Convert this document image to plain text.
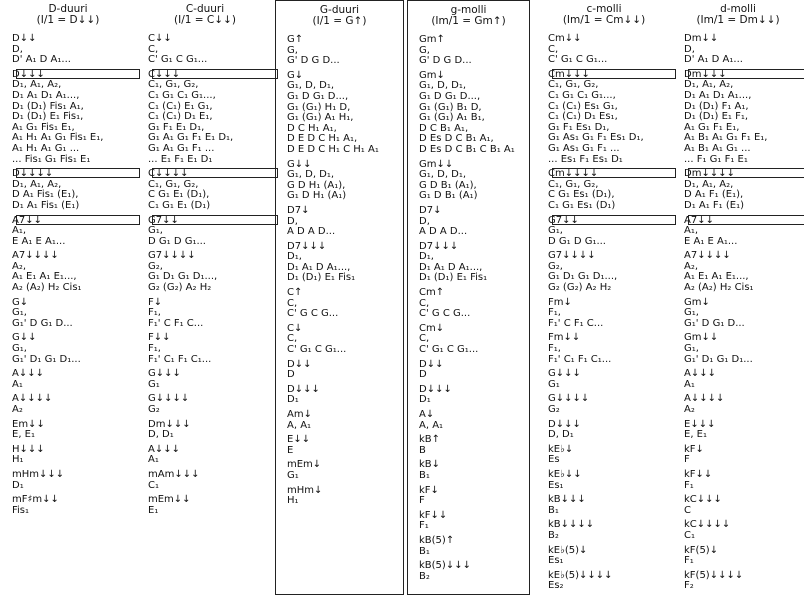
D-duuri
(I/1 = D↓↓)
D↓↓
D,
D' A₁ D A₁...
D↓↓↓
D₁, A₁, A₂,
D₁ A₁ D₁ A₁...,
D₁ (D₁) Fis₁ A₁,
D₁ (D₁) E₁ Fis₁,
A₁ G₁ Fis₁ E₁,
A₁ H₁ A₁ G₁ Fis₁ E₁,
A₁ H₁ A₁ G₁ ...
... Fis₁ G₁ Fis₁ E₁
D↓↓↓↓
D₁, A₁, A₂,
D A₁ Fis₁ (E₁),
D₁ A₁ Fis₁ (E₁)
A7↓↓
A₁,
E A₁ E A₁...
A7↓↓↓↓
A₂,
A₁ E₁ A₁ E₁...,
A₂ (A₂) H₂ Cis₁
G↓
G₁,
G₁' D G₁ D...
G↓↓
G₁,
G₁' D₁ G₁ D₁...
A↓↓↓
A₁
A↓↓↓↓
A₂
Em↓↓
E, E₁
H↓↓↓
H₁
mHm↓↓↓
D₁
mF♯m↓↓
Fis₁
C-duuri
(I/1 = C↓↓)
C↓↓
C,
C' G₁ C G₁...
C↓↓↓
C₁, G₁, G₂,
C₁ G₁ C₁ G₁...,
C₁ (C₁) E₁ G₁,
C₁ (C₁) D₁ E₁,
G₁ F₁ E₁ D₁,
G₁ A₁ G₁ F₁ E₁ D₁,
G₁ A₁ G₁ F₁ ...
... E₁ F₁ E₁ D₁
C↓↓↓↓
C₁, G₁, G₂,
C G₁ E₁ (D₁),
C₁ G₁ E₁ (D₁)
G7↓↓
G₁,
D G₁ D G₁...
G7↓↓↓↓
G₂,
G₁ D₁ G₁ D₁...,
G₂ (G₂) A₂ H₂
F↓
F₁,
F₁' C F₁ C...
F↓↓
F₁,
F₁' C₁ F₁ C₁...
G↓↓↓
G₁
G↓↓↓↓
G₂
Dm↓↓↓
D, D₁
A↓↓↓
A₁
mAm↓↓↓
C₁
mEm↓↓
E₁
G-duuri
(I/1 = G↑)
G↑
G,
G' D G D...
G↓
G₁, D, D₁,
G₁ D G₁ D...,
G₁ (G₁) H₁ D,
G₁ (G₁) A₁ H₁,
D C H₁ A₁,
D E D C H₁ A₁,
D E D C H₁ C H₁ A₁
G↓↓
G₁, D, D₁,
G D H₁ (A₁),
G₁ D H₁ (A₁)
D7↓
D,
A D A D...
D7↓↓↓
D₁,
D₁ A₁ D A₁...,
D₁ (D₁) E₁ Fis₁
C↑
C,
C' G C G...
C↓
C,
C' G₁ C G₁...
D↓↓
D
D↓↓↓
D₁
Am↓
A, A₁
E↓↓
E
mEm↓
G₁
mHm↓
H₁
g-molli
(Im/1 = Gm↑)
Gm↑
G,
G' D G D...
Gm↓
G₁, D, D₁,
G₁ D G₁ D...,
G₁ (G₁) B₁ D,
G₁ (G₁) A₁ B₁,
D C B₁ A₁,
D Es D C B₁ A₁,
D Es D C B₁ C B₁ A₁
Gm↓↓
G₁, D, D₁,
G D B₁ (A₁),
G₁ D B₁ (A₁)
D7↓
D,
A D A D...
D7↓↓↓
D₁,
D₁ A₁ D A₁...,
D₁ (D₁) E₁ Fis₁
Cm↑
C,
C' G C G...
Cm↓
C,
C' G₁ C G₁...
D↓↓
D
D↓↓↓
D₁
A↓
A, A₁
kB↑
B
kB↓
B₁
kF↓
F
kF↓↓
F₁
kB(5)↑
B₁
kB(5)↓↓↓
B₂
c-molli
(Im/1 = Cm↓↓)
Cm↓↓
C,
C' G₁ C G₁...
Cm↓↓↓
C₁, G₁, G₂,
C₁ G₁ C₁ G₁...,
C₁ (C₁) Es₁ G₁,
C₁ (C₁) D₁ Es₁,
G₁ F₁ Es₁ D₁,
G₁ As₁ G₁ F₁ Es₁ D₁,
G₁ As₁ G₁ F₁ ...
... Es₁ F₁ Es₁ D₁
Cm↓↓↓↓
C₁, G₁, G₂,
C G₁ Es₁ (D₁),
C₁ G₁ Es₁ (D₁)
G7↓↓
G₁,
D G₁ D G₁...
G7↓↓↓↓
G₂,
G₁ D₁ G₁ D₁...,
G₂ (G₂) A₂ H₂
Fm↓
F₁,
F₁' C F₁ C...
Fm↓↓
F₁,
F₁' C₁ F₁ C₁...
G↓↓↓
G₁
G↓↓↓↓
G₂
D↓↓↓
D, D₁
kE♭↓
Es
kE♭↓↓
Es₁
kB↓↓↓
B₁
kB↓↓↓↓
B₂
kE♭(5)↓
Es₁
kE♭(5)↓↓↓↓
Es₂
d-molli
(Im/1 = Dm↓↓)
Dm↓↓
D,
D' A₁ D A₁...
Dm↓↓↓
D₁, A₁, A₂,
D₁ A₁ D₁ A₁...,
D₁ (D₁) F₁ A₁,
D₁ (D₁) E₁ F₁,
A₁ G₁ F₁ E₁,
A₁ B₁ A₁ G₁ F₁ E₁,
A₁ B₁ A₁ G₁ ...
... F₁ G₁ F₁ E₁
Dm↓↓↓↓
D₁, A₁, A₂,
D A₁ F₁ (E₁),
D₁ A₁ F₁ (E₁)
A7↓↓
A₁,
E A₁ E A₁...
A7↓↓↓↓
A₂,
A₁ E₁ A₁ E₁...,
A₂ (A₂) H₂ Cis₁
Gm↓
G₁,
G₁' D G₁ D...
Gm↓↓
G₁,
G₁' D₁ G₁ D₁...
A↓↓↓
A₁
A↓↓↓↓
A₂
E↓↓↓
E, E₁
kF↓
F
kF↓↓
F₁
kC↓↓↓
C
kC↓↓↓↓
C₁
kF(5)↓
F₁
kF(5)↓↓↓↓
F₂
